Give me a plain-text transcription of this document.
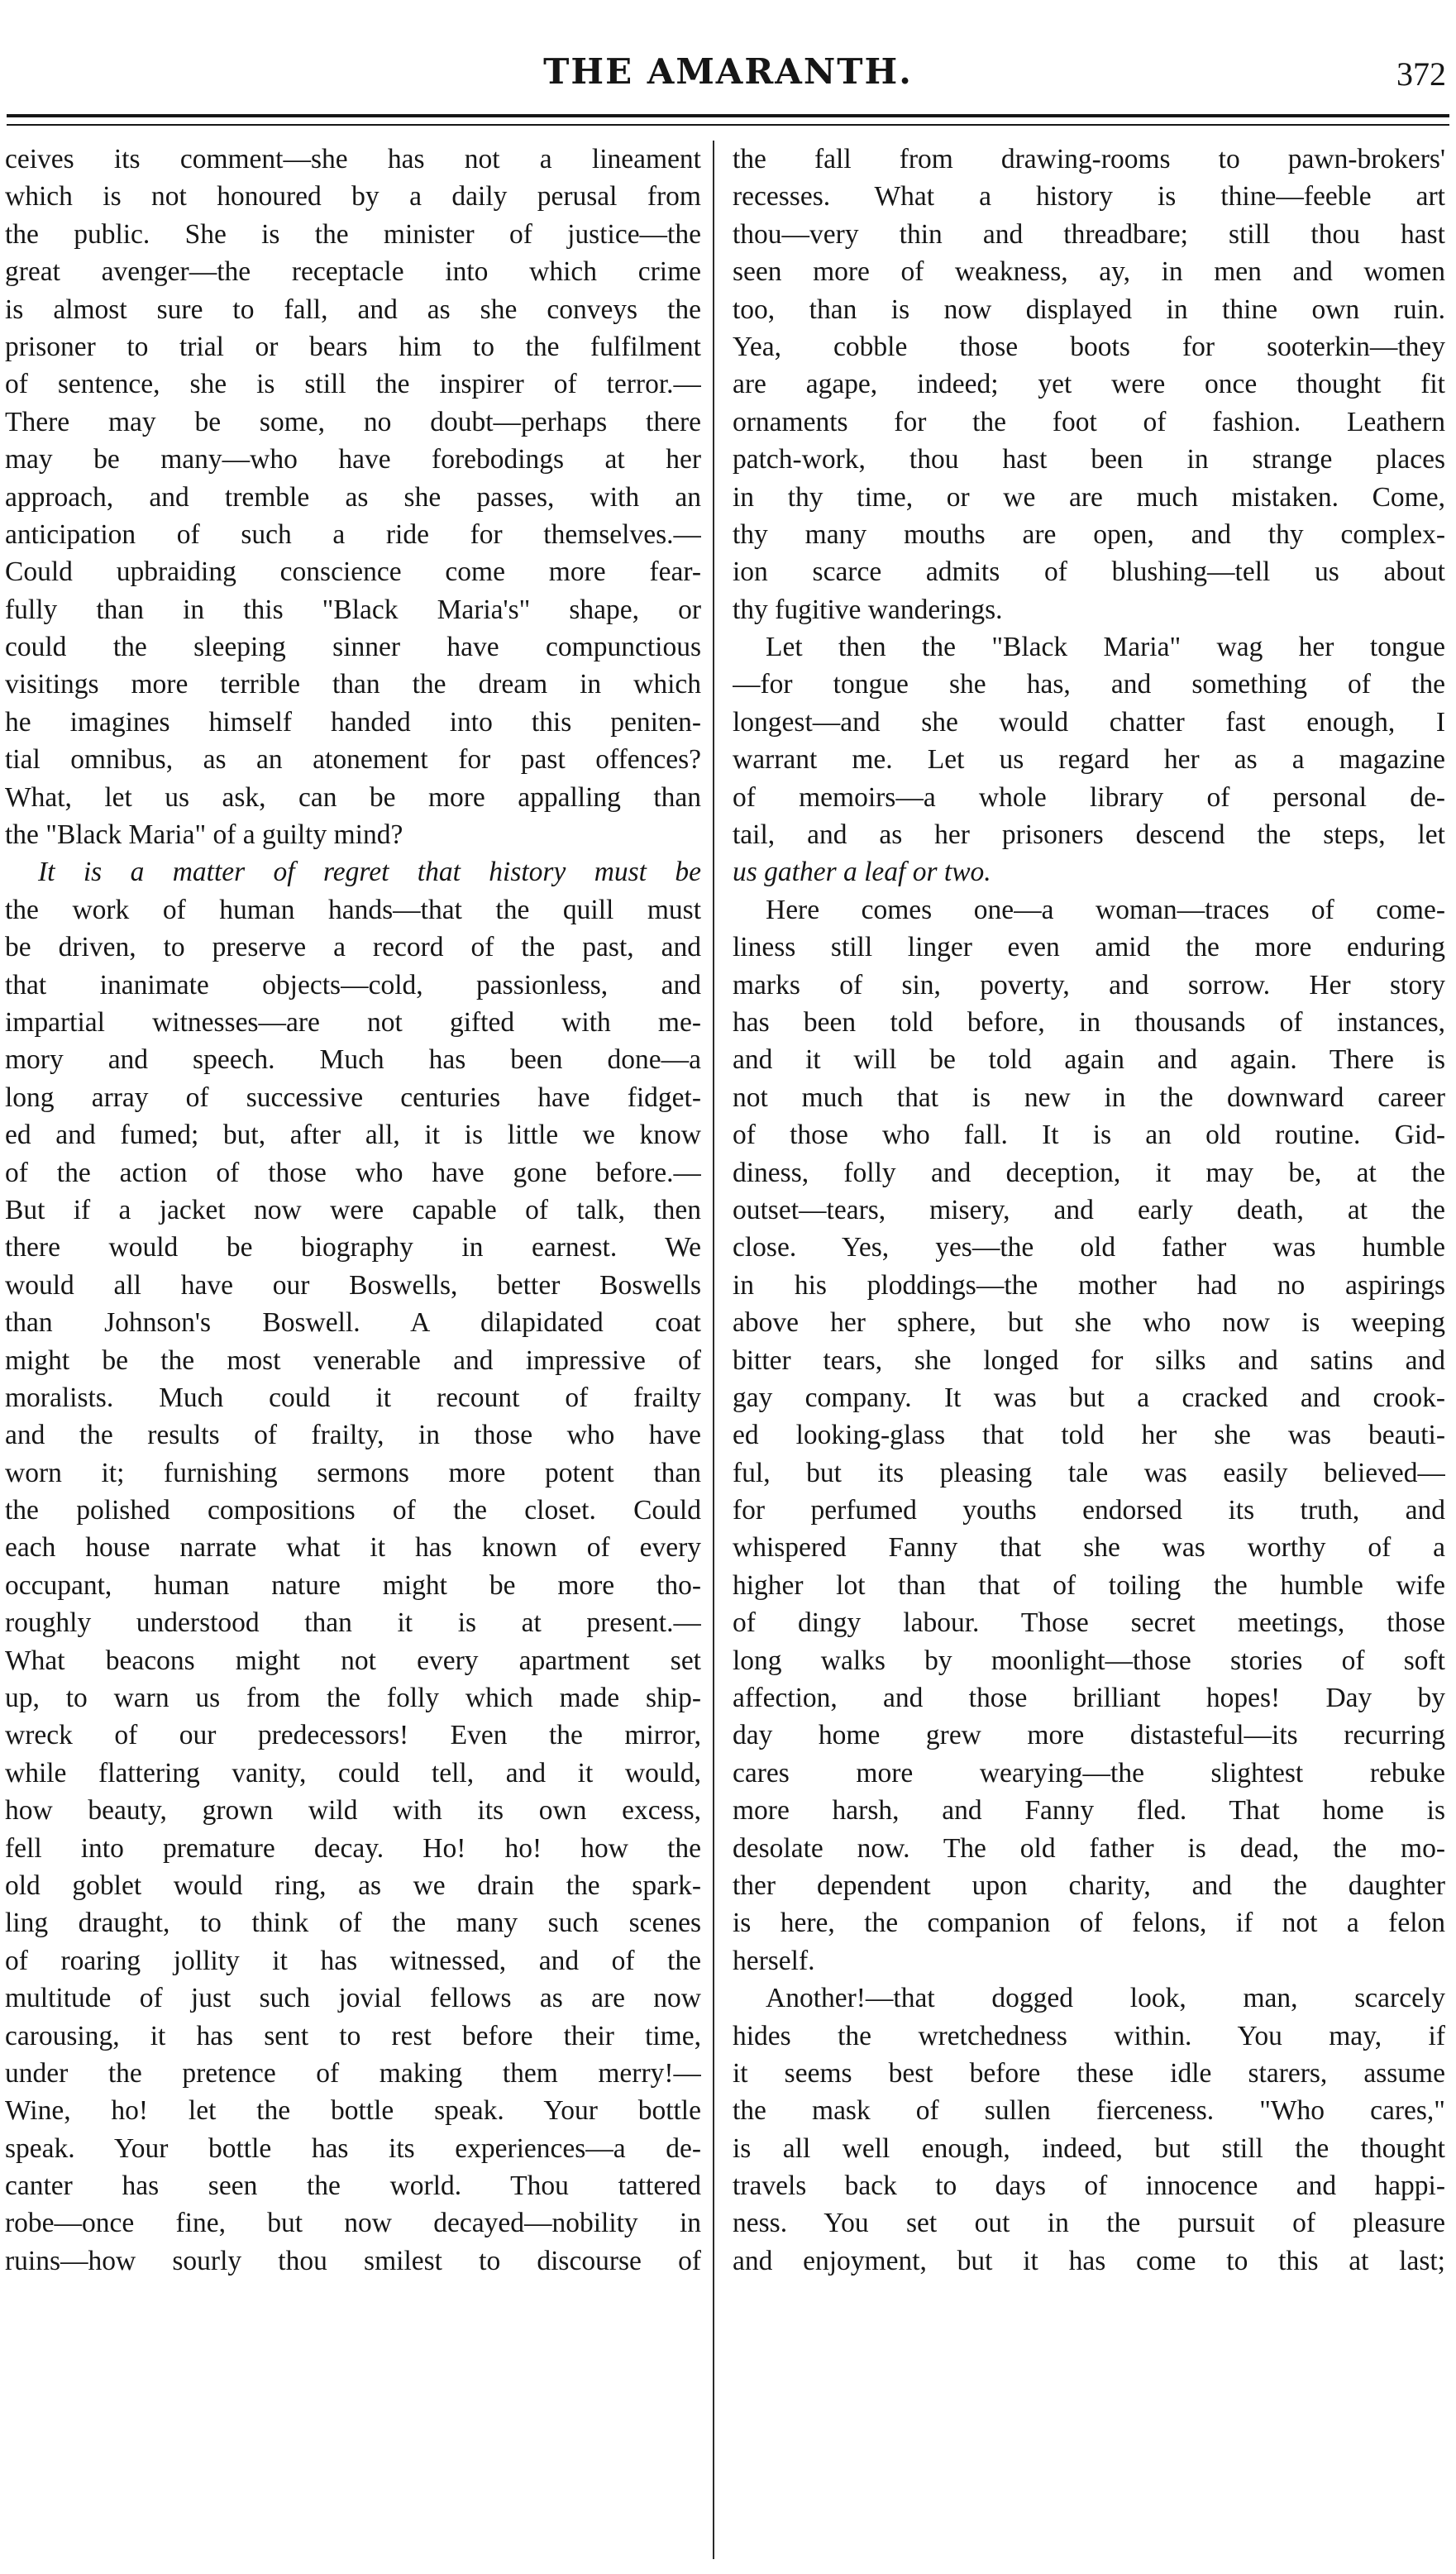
THE AMARANTH.	372
ceives its comment—she has not a lineament
which is not honoured by a daily perusal from
the public. She is the minister of justice—the
great avenger—the receptacle into which crime
is almost sure to fall, and as she conveys the
prisoner to trial or bears him to the fulfilment
of sentence, she is still the inspirer of terror.—
There may be some, no doubt—perhaps there
may be many—who have forebodings at her
approach, and tremble as she passes, with an
anticipation of such a ride for themselves.—
Could upbraiding conscience come more fear-
fully than in this "Black Maria's" shape, or
could the sleeping sinner have compunctious
visitings more terrible than the dream in which
he imagines himself handed into this peniten-
tial omnibus, as an atonement for past offences?
What, let us ask, can be more appalling than
the "Black Maria" of a guilty mind?
It is a matter of regret that history must be
the work of human hands—that the quill must
be driven, to preserve a record of the past, and
that inanimate objects—cold, passionless, and
impartial witnesses—are not gifted with me-
mory and speech. Much has been done—a
long array of successive centuries have fidget-
ed and fumed; but, after all, it is little we know
of the action of those who have gone before.—
But if a jacket now were capable of talk, then
there would be biography in earnest. We
would all have our Boswells, better Boswells
than Johnson's Boswell. A dilapidated coat
might be the most venerable and impressive of
moralists. Much could it recount of frailty
and the results of frailty, in those who have
worn it; furnishing sermons more potent than
the polished compositions of the closet. Could
each house narrate what it has known of every
occupant, human nature might be more tho-
roughly understood than it is at present.—
What beacons might not every apartment set
up, to warn us from the folly which made ship-
wreck of our predecessors! Even the mirror,
while flattering vanity, could tell, and it would,
how beauty, grown wild with its own excess,
fell into premature decay. Ho! ho! how the
old goblet would ring, as we drain the spark-
ling draught, to think of the many such scenes
of roaring jollity it has witnessed, and of the
multitude of just such jovial fellows as are now
carousing, it has sent to rest before their time,
under the pretence of making them merry!—
Wine, ho! let the bottle speak. Your bottle
speak. Your bottle has its experiences—a de-
canter has seen the world. Thou tattered
robe—once fine, but now decayed—nobility in
ruins—how sourly thou smilest to discourse of
the fall from drawing-rooms to pawn-brokers'
recesses. What a history is thine—feeble art
thou—very thin and threadbare; still thou hast
seen more of weakness, ay, in men and women
too, than is now displayed in thine own ruin.
Yea, cobble those boots for sooterkin—they
are agape, indeed; yet were once thought fit
ornaments for the foot of fashion. Leathern
patch-work, thou hast been in strange places
in thy time, or we are much mistaken. Come,
thy many mouths are open, and thy complex-
ion scarce admits of blushing—tell us about
thy fugitive wanderings.
Let then the "Black Maria" wag her tongue
—for tongue she has, and something of the
longest—and she would chatter fast enough, I
warrant me. Let us regard her as a magazine
of memoirs—a whole library of personal de-
tail, and as her prisoners descend the steps, let
us gather a leaf or two.
Here comes one—a woman—traces of come-
liness still linger even amid the more enduring
marks of sin, poverty, and sorrow. Her story
has been told before, in thousands of instances,
and it will be told again and again. There is
not much that is new in the downward career
of those who fall. It is an old routine. Gid-
diness, folly and deception, it may be, at the
outset—tears, misery, and early death, at the
close. Yes, yes—the old father was humble
in his ploddings—the mother had no aspirings
above her sphere, but she who now is weeping
bitter tears, she longed for silks and satins and
gay company. It was but a cracked and crook-
ed looking-glass that told her she was beauti-
ful, but its pleasing tale was easily believed—
for perfumed youths endorsed its truth, and
whispered Fanny that she was worthy of a
higher lot than that of toiling the humble wife
of dingy labour. Those secret meetings, those
long walks by moonlight—those stories of soft
affection, and those brilliant hopes! Day by
day home grew more distasteful—its recurring
cares more wearying—the slightest rebuke
more harsh, and Fanny fled. That home is
desolate now. The old father is dead, the mo-
ther dependent upon charity, and the daughter
is here, the companion of felons, if not a felon
herself.
Another!—that dogged look, man, scarcely
hides the wretchedness within. You may, if
it seems best before these idle starers, assume
the mask of sullen fierceness. "Who cares,"
is all well enough, indeed, but still the thought
travels back to days of innocence and happi-
ness. You set out in the pursuit of pleasure
and enjoyment, but it has come to this at last;
